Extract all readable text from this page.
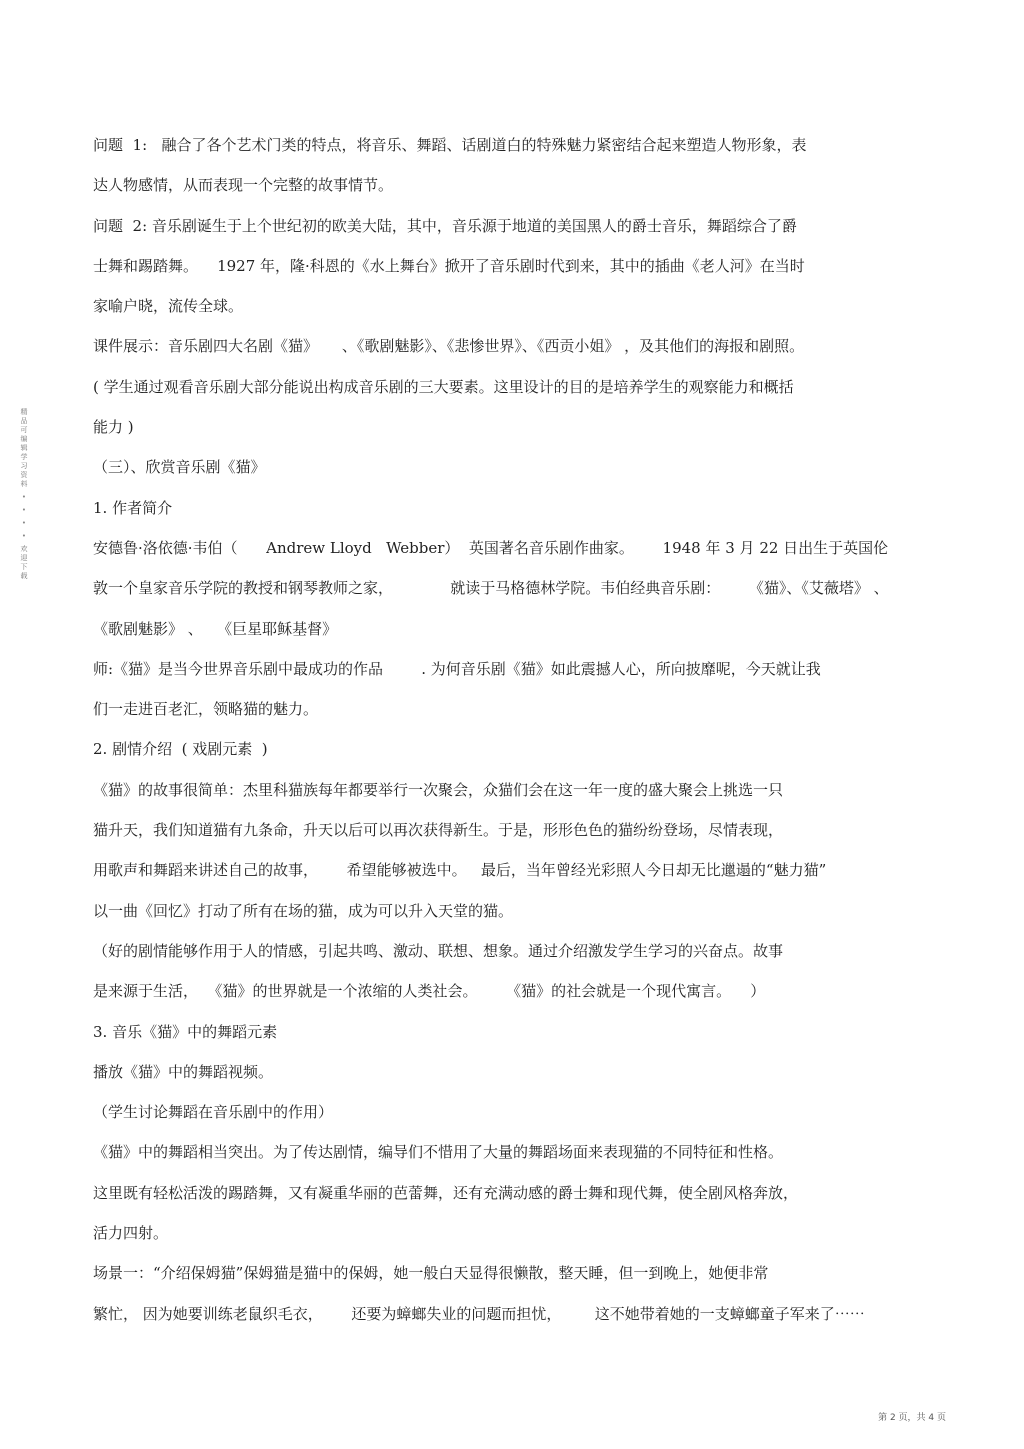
精品可编辑学习资料
•
•
•
•
欢迎下载
问题  1:   融合了各个艺术门类的特点，将音乐、舞蹈、话剧道白的特殊魅力紧密结合起来塑造人物形象，表
达人物感情，从而表现一个完整的故事情节。
问题  2: 音乐剧诞生于上个世纪初的欧美大陆，其中，音乐源于地道的美国黑人的爵士音乐，舞蹈综合了爵
士舞和踢踏舞。    1927 年，隆·科恩的《水上舞台》掀开了音乐剧时代到来，其中的插曲《老人河》在当时
家喻户晓，流传全球。
课件展示：音乐剧四大名剧《猫》     、《歌剧魅影》、《悲惨世界》、《西贡小姐》 ，及其他们的海报和剧照。
( 学生通过观看音乐剧大部分能说出构成音乐剧的三大要素。这里设计的目的是培养学生的观察能力和概括
能力 )
（三）、欣赏音乐剧《猫》
1. 作者简介
安德鲁·洛依德·韦伯（      Andrew Lloyd   Webber）  英国著名音乐剧作曲家。      1948 年 3 月 22 日出生于英国伦
敦一个皇家音乐学院的教授和钢琴教师之家，            就读于马格德林学院。韦伯经典音乐剧：      《猫》、《艾薇塔》 、
《歌剧魅影》 、   《巨星耶稣基督》
师:《猫》是当今世界音乐剧中最成功的作品        . 为何音乐剧《猫》如此震撼人心，所向披靡呢，今天就让我
们一走进百老汇，领略猫的魅力。
2. 剧情介绍  ( 戏剧元素  )
《猫》的故事很简单：杰里科猫族每年都要举行一次聚会，众猫们会在这一年一度的盛大聚会上挑选一只
猫升天，我们知道猫有九条命，升天以后可以再次获得新生。于是，形形色色的猫纷纷登场，尽情表现，
用歌声和舞蹈来讲述自己的故事，      希望能够被选中。   最后，当年曾经光彩照人今日却无比邋遢的“魅力猫”
以一曲《回忆》打动了所有在场的猫，成为可以升入天堂的猫。
（好的剧情能够作用于人的情感，引起共鸣、激动、联想、想象。通过介绍激发学生学习的兴奋点。故事
是来源于生活，  《猫》的世界就是一个浓缩的人类社会。      《猫》的社会就是一个现代寓言。    ）
3. 音乐《猫》中的舞蹈元素
播放《猫》中的舞蹈视频。
（学生讨论舞蹈在音乐剧中的作用）
《猫》中的舞蹈相当突出。为了传达剧情，编导们不惜用了大量的舞蹈场面来表现猫的不同特征和性格。
这里既有轻松活泼的踢踏舞，又有凝重华丽的芭蕾舞，还有充满动感的爵士舞和现代舞，使全剧风格奔放，
活力四射。
场景一：“介绍保姆猫”保姆猫是猫中的保姆，她一般白天显得很懒散，整天睡，但一到晚上，她便非常
繁忙， 因为她要训练老鼠织毛衣，      还要为蟑螂失业的问题而担忧，       这不她带着她的一支蟑螂童子军来了⋯⋯
第 2 页，共 4 页
